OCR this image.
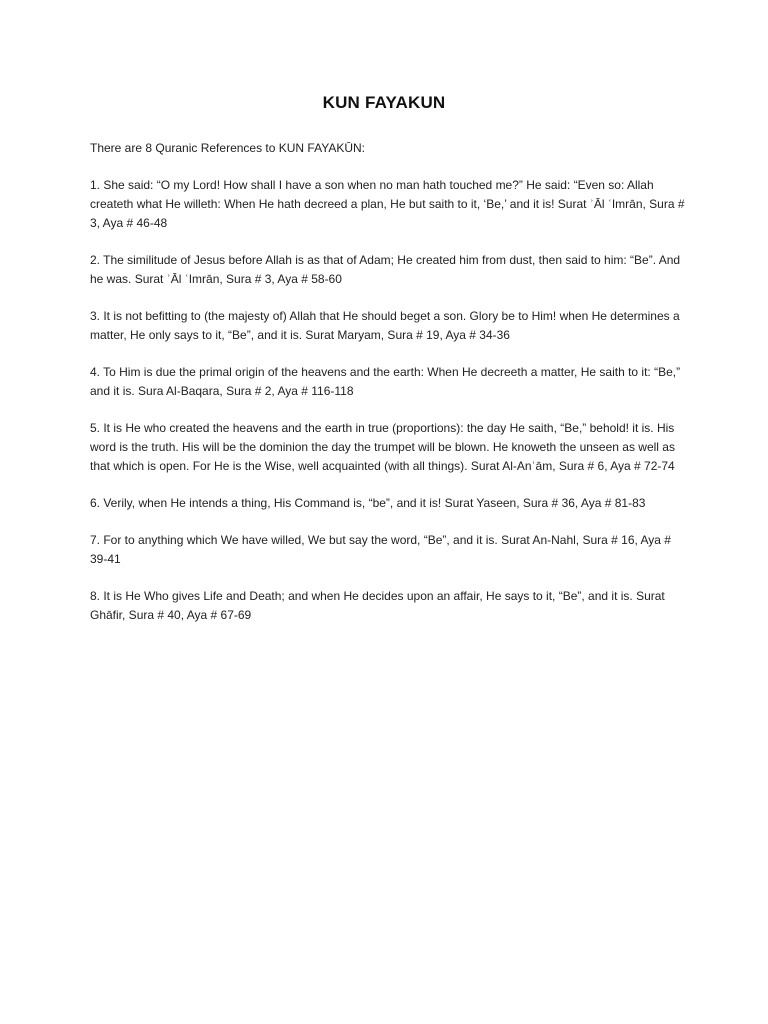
KUN FAYAKUN

There are 8 Quranic References to KUN FAYAKŪN:

1. She said: “O my Lord! How shall I have a son when no man hath touched me?” He said: “Even so: Allah createth what He willeth: When He hath decreed a plan, He but saith to it, ‘Be,’ and it is! Surat ʾĀl ʿImrān, Sura # 3, Aya # 46-48

2. The similitude of Jesus before Allah is as that of Adam; He created him from dust, then said to him: “Be”. And he was. Surat ʾĀl ʿImrān, Sura # 3, Aya # 58-60

3. It is not befitting to (the majesty of) Allah that He should beget a son. Glory be to Him! when He determines a matter, He only says to it, “Be”, and it is. Surat Maryam, Sura # 19, Aya # 34-36

4. To Him is due the primal origin of the heavens and the earth: When He decreeth a matter, He saith to it: “Be,” and it is. Sura Al-Baqara, Sura # 2, Aya # 116-118

5. It is He who created the heavens and the earth in true (proportions): the day He saith, “Be,” behold! it is. His word is the truth. His will be the dominion the day the trumpet will be blown. He knoweth the unseen as well as that which is open. For He is the Wise, well acquainted (with all things). Surat Al-Anʿām, Sura # 6, Aya # 72-74

6. Verily, when He intends a thing, His Command is, “be”, and it is! Surat Yaseen, Sura # 36, Aya # 81-83

7. For to anything which We have willed, We but say the word, “Be”, and it is. Surat An-Nahl, Sura # 16, Aya # 39-41

8. It is He Who gives Life and Death; and when He decides upon an affair, He says to it, “Be”, and it is. Surat Ghāfir, Sura # 40, Aya # 67-69
